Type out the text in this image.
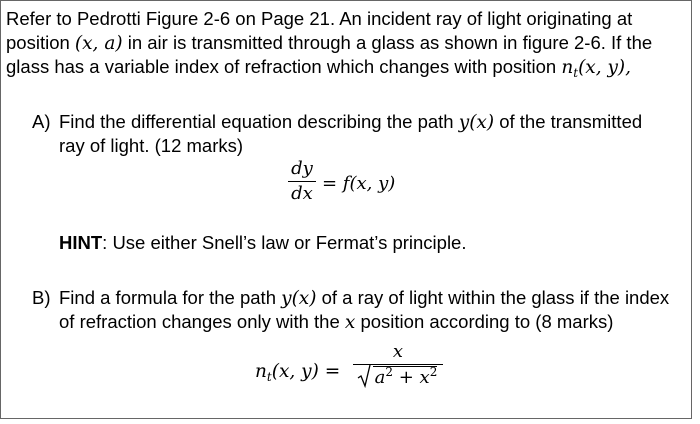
Refer to Pedrotti Figure 2-6 on Page 21. An incident ray of light originating at
position (x, a) in air is transmitted through a glass as shown in figure 2-6. If the
glass has a variable index of refraction which changes with position $n_t(x$, y),
A) Find the differential equation describing the path y(x) of the transmitted
ray of light. (12 marks)
dy
dx = f(x, y)
HINT: Use either Snell’s law or Fermat’s principle.
B) Find a formula for the path y(x) of a ray of light within the glass if the index
of refraction changes only with the x position according to (8 marks)
$n_t(x$, y) =
x
$a^2 + x^2$
